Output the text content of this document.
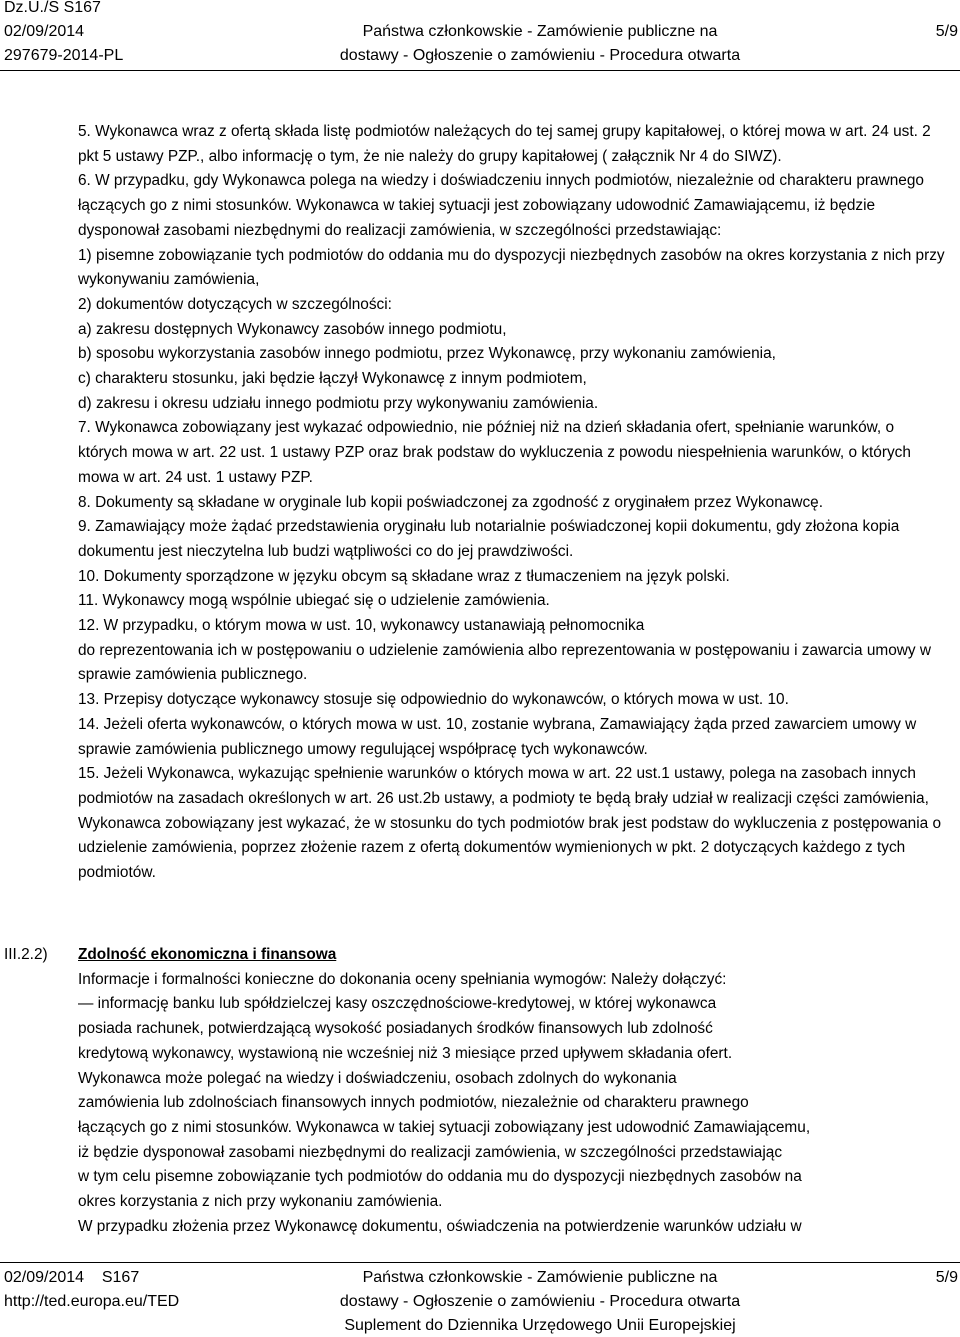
Dz.U./S S167
02/09/2014
297679-2014-PL
Państwa członkowskie - Zamówienie publiczne na
dostawy - Ogłoszenie o zamówieniu - Procedura otwarta
5/9

5. Wykonawca wraz z ofertą składa listę podmiotów należących do tej samej grupy kapitałowej, o której mowa w art. 24 ust. 2 pkt 5 ustawy PZP., albo informację o tym, że nie należy do grupy kapitałowej ( załącznik Nr 4 do SIWZ).

6. W przypadku, gdy Wykonawca polega na wiedzy i doświadczeniu innych podmiotów, niezależnie od charakteru prawnego łączących go z nimi stosunków. Wykonawca w takiej sytuacji jest zobowiązany udowodnić Zamawiającemu, iż będzie dysponował zasobami niezbędnymi do realizacji zamówienia, w szczególności przedstawiając:

1) pisemne zobowiązanie tych podmiotów do oddania mu do dyspozycji niezbędnych zasobów na okres korzystania z nich przy wykonywaniu zamówienia,

2) dokumentów dotyczących w szczególności:

a) zakresu dostępnych Wykonawcy zasobów innego podmiotu,

b) sposobu wykorzystania zasobów innego podmiotu, przez Wykonawcę, przy wykonaniu zamówienia,

c) charakteru stosunku, jaki będzie łączył Wykonawcę z innym podmiotem,

d) zakresu i okresu udziału innego podmiotu przy wykonywaniu zamówienia.

7. Wykonawca zobowiązany jest wykazać odpowiednio, nie później niż na dzień składania ofert, spełnianie warunków, o których mowa w art. 22 ust. 1 ustawy PZP oraz brak podstaw do wykluczenia z powodu niespełnienia warunków, o których mowa w art. 24 ust. 1 ustawy PZP.

8. Dokumenty są składane w oryginale lub kopii poświadczonej za zgodność z oryginałem przez Wykonawcę.

9. Zamawiający może żądać przedstawienia oryginału lub notarialnie poświadczonej kopii dokumentu, gdy złożona kopia dokumentu jest nieczytelna lub budzi wątpliwości co do jej prawdziwości.

10. Dokumenty sporządzone w języku obcym są składane wraz z tłumaczeniem na język polski.

11. Wykonawcy mogą wspólnie ubiegać się o udzielenie zamówienia.

12. W przypadku, o którym mowa w ust. 10, wykonawcy ustanawiają pełnomocnika

do reprezentowania ich w postępowaniu o udzielenie zamówienia albo reprezentowania w postępowaniu i zawarcia umowy w sprawie zamówienia publicznego.

13. Przepisy dotyczące wykonawcy stosuje się odpowiednio do wykonawców, o których mowa w ust. 10.

14. Jeżeli oferta wykonawców, o których mowa w ust. 10, zostanie wybrana, Zamawiający żąda przed zawarciem umowy w sprawie zamówienia publicznego umowy regulującej współpracę tych wykonawców.

15. Jeżeli Wykonawca, wykazując spełnienie warunków o których mowa w art. 22 ust.1 ustawy, polega na zasobach innych podmiotów na zasadach określonych w art. 26 ust.2b ustawy, a podmioty te będą brały udział w realizacji części zamówienia, Wykonawca zobowiązany jest wykazać, że w stosunku do tych podmiotów brak jest podstaw do wykluczenia z postępowania o udzielenie zamówienia, poprzez złożenie razem z ofertą dokumentów wymienionych w pkt. 2 dotyczących każdego z tych podmiotów.

III.2.2) Zdolność ekonomiczna i finansowa

Informacje i formalności konieczne do dokonania oceny spełniania wymogów: Należy dołączyć:

— informację banku lub spółdzielczej kasy oszczędnościowe-kredytowej, w której wykonawca

posiada rachunek, potwierdzającą wysokość posiadanych środków finansowych lub zdolność

kredytową wykonawcy, wystawioną nie wcześniej niż 3 miesiące przed upływem składania ofert.

Wykonawca może polegać na wiedzy i doświadczeniu, osobach zdolnych do wykonania

zamówienia lub zdolnościach finansowych innych podmiotów, niezależnie od charakteru prawnego

łączących go z nimi stosunków. Wykonawca w takiej sytuacji zobowiązany jest udowodnić Zamawiającemu,

iż będzie dysponował zasobami niezbędnymi do realizacji zamówienia, w szczególności przedstawiając

w tym celu pisemne zobowiązanie tych podmiotów do oddania mu do dyspozycji niezbędnych zasobów na

okres korzystania z nich przy wykonaniu zamówienia.

W przypadku złożenia przez Wykonawcę dokumentu, oświadczenia na potwierdzenie warunków udziału w

02/09/2014 S167
http://ted.europa.eu/TED
Państwa członkowskie - Zamówienie publiczne na
dostawy - Ogłoszenie o zamówieniu - Procedura otwarta
Suplement do Dziennika Urzędowego Unii Europejskiej
5/9
